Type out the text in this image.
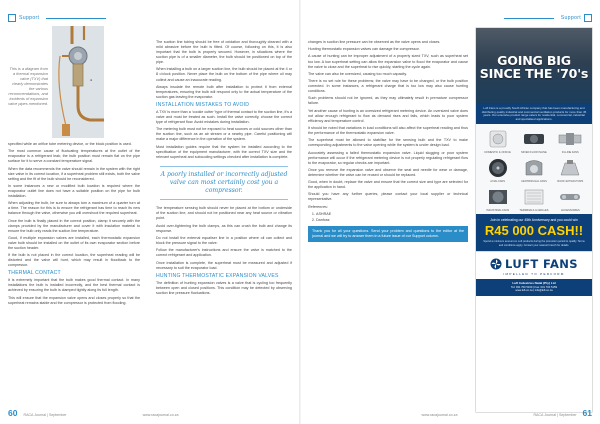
Support
This is a diagram from a thermal expansion valve (TXV) that clearly demonstrates the various recommendations, and incidents of expansion valve pipes mentioned.
●

specified while an orifice tube metering device, or the block position is used.

The most common cause of fluctuating temperatures at the outlet of the evaporator is a refrigerant leak; the bulb position must remain flat on the pipe surface for it to serve a constant temperature signal.

When the data recommends the valve should remain in the system with the right size valve in its correct location, if a superheat problem still exists, both the valve setting and the fit of the bulb should be reconsidered.

In some instances a new or modified bulb location is required where the evaporator outlet line does not have a suitable position on the pipe for bulb installation.

When adjusting the bulb, be sure to always turn a maximum of a quarter turn at a time. The reason for this is to ensure the refrigerant has time to reach its new balance through the valve, otherwise you will overshoot the required superheat.

Once the bulb is finally placed in the correct position, clamp it securely with the clamps provided by the manufacturer and cover it with insulation material to ensure the bulb only reads the suction line temperature.

Good, if multiple expansion valves are installed, each thermostatic expansion valve bulb should be installed on the outlet of its own evaporator section before the suction header.

If the bulb is not placed in the correct location, the superheat reading will be distorted and the valve will hunt, which may result in floodback to the compressor.

THERMAL CONTACT

It is extremely important that the bulb makes good thermal contact. In many installations the bulb is installed incorrectly, and the best thermal contact is achieved by ensuring the bulb is clamped tightly along its full length.

This will ensure that the expansion valve opens and closes properly so that the superheat remains stable and the compressor is protected from flooding.

The suction line tubing should be free of oxidation and thoroughly cleaned with a mild abrasive before the bulb is fitted. Of course, following on this, it is also important that the bulb is properly secured. However, in situations where the suction pipe is of a smaller diameter, the bulb should be positioned on top of the pipe.

When installing a bulb on a larger suction line, the bulb should be placed at the 4 or 8 o'clock position. Never place the bulb on the bottom of the pipe where oil may collect and cause an inaccurate reading.

Always insulate the remote bulb after installation to protect it from external temperatures, ensuring the bulb will respond only to the actual temperature of the suction gas leaving the evaporator.

INSTALLATION MISTAKES TO AVOID

A TXV is more than a ‘cookie cutter’ type of thermal contact to the suction line, it's a valve and must be treated as such. Install the valve correctly, choose the correct type of refrigerant flow. Avoid mistakes during installation.

The metering bulb must not be exposed to heat sources or cold sources other than the suction line, such as an air stream or a nearby pipe. Careful positioning will make a major difference in the operation of the system.

Most installation guides require that the system be installed according to the specification of the equipment manufacturer, with the correct TXV size and the relevant superheat and subcooling settings checked after installation is complete.

A poorly installed or incorrectly adjusted valve can most certainly cost you a compressor.

The temperature sensing bulb should never be placed at the bottom or underside of the suction line, and should not be positioned near any heat source or vibration point.

Avoid over-tightening the bulb clamps, as this can crush the bulb and change its response.

Do not install the external equaliser line in a position where oil can collect and block the pressure signal to the valve.

Follow the manufacturer's instructions and ensure the valve is matched to the correct refrigerant and application.

Once installation is complete, the superheat must be measured and adjusted if necessary to suit the evaporator load.

HUNTING THERMOSTATIC EXPANSION VALVES

The definition of hunting expansion valves is a valve that is cycling too frequently between open and closed positions. This condition may be detected by observing suction line pressure fluctuations.

60 RACA Journal | September	www.racajournal.co.za
Support

changes in suction line pressure can be observed as the valve opens and closes.

Hunting thermostatic expansion valves can damage the compressor.

A cause of hunting can be improper adjustment of a properly sized TXV, such as superheat set too low. A low superheat setting can allow the expansion valve to flood the evaporator and cause the valve to close and the superheat to rise quickly, starting the cycle again.

The valve can also be oversized, causing too much capacity.

There is no set rule for these problems; the valve may have to be changed, or the bulb position corrected. In some instances, a refrigerant charge that is too low may also cause hunting conditions.

Such problems should not be ignored, as they may ultimately result in premature compressor failure.

Yet another cause of hunting is an oversized refrigerant metering device. An oversized valve does not allow enough refrigerant to flow as demand rises and falls, which leads to poor system efficiency and temperature control.

It should be noted that variations in load conditions will also affect the superheat reading and thus the performance of the thermostatic expansion valve.

The superheat must be allowed to stabilise for the sensing bulb and the TXV to make corresponding adjustments to the valve opening while the system is under design load.

Accurately assessing a failed thermostatic expansion valve. Liquid slugging or poor system performance will occur if the refrigerant metering device is not properly regulating refrigerant flow to the evaporator, so regular checks are important.

Once you remove the expansion valve and observe the seat and needle for wear or damage, determine whether the valve can be reused or should be replaced.

Good, when in doubt, replace the valve and ensure that the correct size and type are selected for the application in hand.

Should you have any further queries, please contact your local supplier or technical representative.

References:

1. ASHRAE
2. Danfoss
Thank you for all your questions. Send your problem and questions to the editor at the journal and we will try to answer them in a future issue of our Support column.
GOING BIG
SINCE THE '70's
Luft Fans is a proudly South African company that has been manufacturing and distributing quality industrial and commercial ventilation products for more than 45 years. Our extensive product range caters for residential, commercial, industrial and specialised applications.
DOMESTIC & OFFICE	MIXED FLOW INLINE	IN-LINE FANS
AXIAL FANS	CENTRIFUGAL FANS	ROOF EXTRACTORS
INDUSTRIAL FANS	TERMINALS & GRILLES	ACCESSORIES
Join in celebrating our 45th Anniversary and you could win
R45 000 CASH!!
Spend a minimum amount on Luft products during the promotion period to qualify. Terms and conditions apply. Contact your nearest branch for details.
LUFT FANS
IMPELLED TO PERFORM
Luft Industries Natal (Pty) Ltd
Tel: 031 700 5160 | Fax: 031 700 5159
www.luft.co.za | info@luft.co.za
www.racajournal.co.za	RACA Journal | September 61
